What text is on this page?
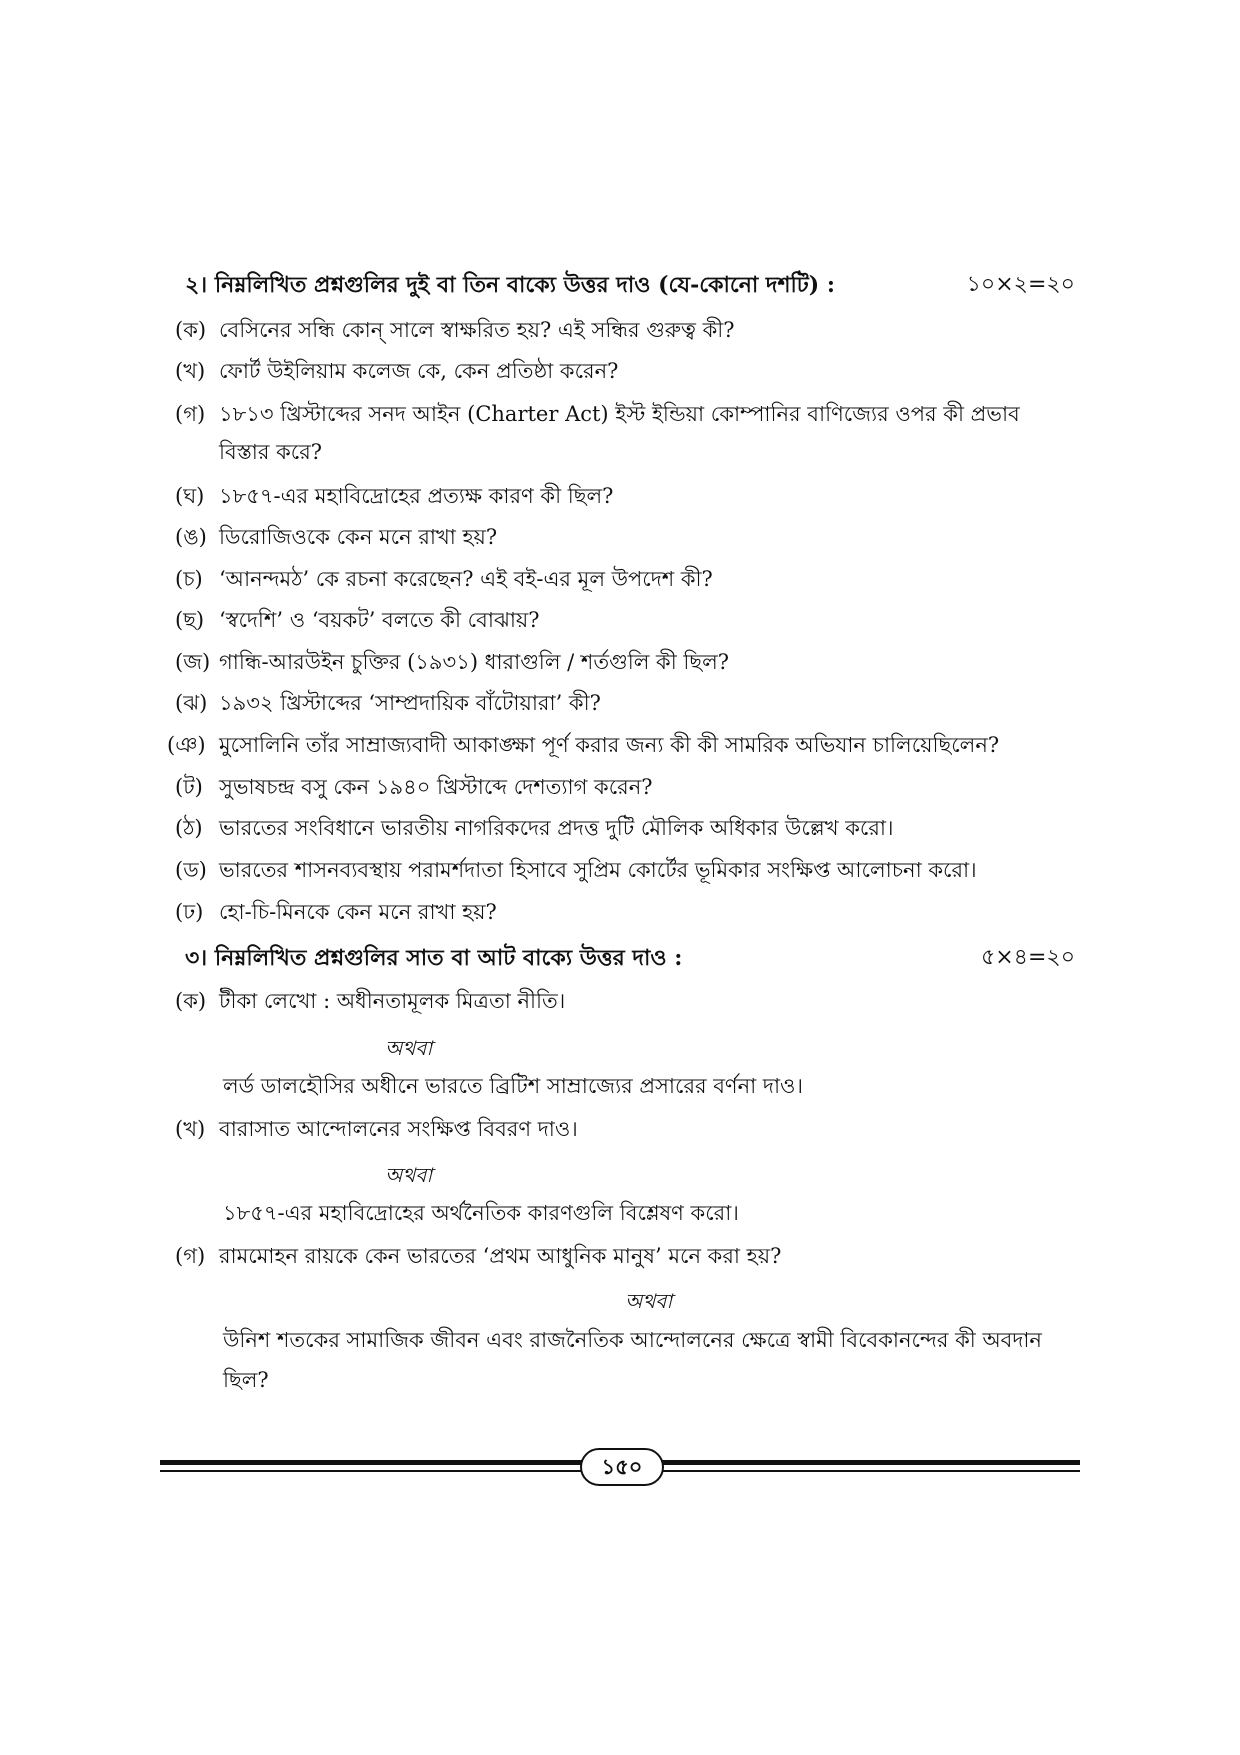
২। নিম্নলিখিত প্রশ্নগুলির দুই বা তিন বাক্যে উত্তর দাও (যে-কোনো দশটি) :	১০×২=২০
(ক) বেসিনের সন্ধি কোন্ সালে স্বাক্ষরিত হয়? এই সন্ধির গুরুত্ব কী?
(খ) ফোর্ট উইলিয়াম কলেজ কে, কেন প্রতিষ্ঠা করেন?
(গ) ১৮১৩ খ্রিস্টাব্দের সনদ আইন (Charter Act) ইস্ট ইন্ডিয়া কোম্পানির বাণিজ্যের ওপর কী প্রভাব বিস্তার করে?
(ঘ) ১৮৫৭-এর মহাবিদ্রোহের প্রত্যক্ষ কারণ কী ছিল?
(ঙ) ডিরোজিওকে কেন মনে রাখা হয়?
(চ) ‘আনন্দমঠ’ কে রচনা করেছেন? এই বই-এর মূল উপদেশ কী?
(ছ) ‘স্বদেশি’ ও ‘বয়কট’ বলতে কী বোঝায়?
(জ) গান্ধি-আরউইন চুক্তির (১৯৩১) ধারাগুলি / শর্তগুলি কী ছিল?
(ঝ) ১৯৩২ খ্রিস্টাব্দের ‘সাম্প্রদায়িক বাঁটোয়ারা’ কী?
(ঞ) মুসোলিনি তাঁর সাম্রাজ্যবাদী আকাঙ্ক্ষা পূর্ণ করার জন্য কী কী সামরিক অভিযান চালিয়েছিলেন?
(ট) সুভাষচন্দ্র বসু কেন ১৯৪০ খ্রিস্টাব্দে দেশত্যাগ করেন?
(ঠ) ভারতের সংবিধানে ভারতীয় নাগরিকদের প্রদত্ত দুটি মৌলিক অধিকার উল্লেখ করো।
(ড) ভারতের শাসনব্যবস্থায় পরামর্শদাতা হিসাবে সুপ্রিম কোর্টের ভূমিকার সংক্ষিপ্ত আলোচনা করো।
(ঢ) হো-চি-মিনকে কেন মনে রাখা হয়?
৩। নিম্নলিখিত প্রশ্নগুলির সাত বা আট বাক্যে উত্তর দাও :	৫×৪=২০
(ক) টীকা লেখো : অধীনতামূলক মিত্রতা নীতি।
অথবা
লর্ড ডালহৌসির অধীনে ভারতে ব্রিটিশ সাম্রাজ্যের প্রসারের বর্ণনা দাও।
(খ) বারাসাত আন্দোলনের সংক্ষিপ্ত বিবরণ দাও।
অথবা
১৮৫৭-এর মহাবিদ্রোহের অর্থনৈতিক কারণগুলি বিশ্লেষণ করো।
(গ) রামমোহন রায়কে কেন ভারতের ‘প্রথম আধুনিক মানুষ’ মনে করা হয়?
অথবা
উনিশ শতকের সামাজিক জীবন এবং রাজনৈতিক আন্দোলনের ক্ষেত্রে স্বামী বিবেকানন্দের কী অবদান ছিল?
১৫০
